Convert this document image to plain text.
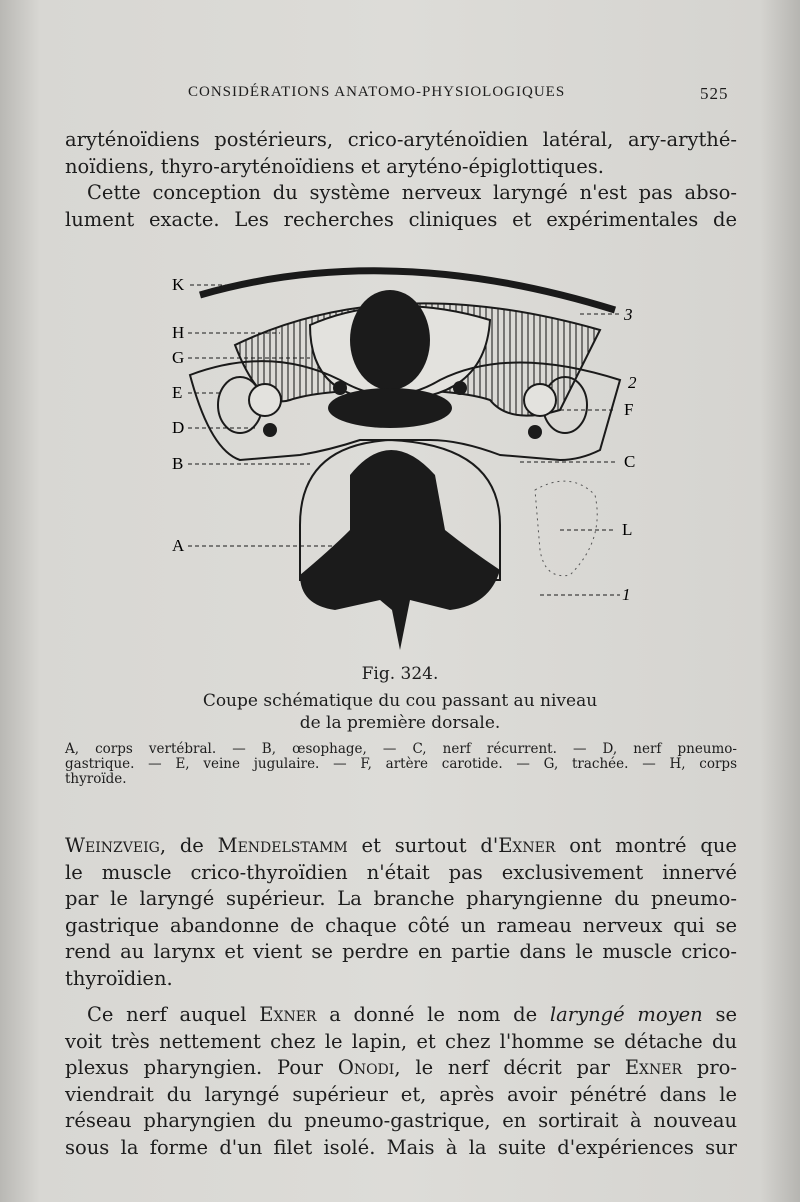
CONSIDÉRATIONS ANATOMO-PHYSIOLOGIQUES	525
aryténoïdiens postérieurs, crico-aryténoïdien latéral, ary-arythé-
noïdiens, thyro-aryténoïdiens et aryténo-épiglottiques.
Cette conception du système nerveux laryngé n'est pas abso-
lument exacte. Les recherches cliniques et expérimentales de
K
H
G
E
D
B
A
3
2
F
C
L
1
Fig. 324.
Coupe schématique du cou passant au niveau
de la première dorsale.
A, corps vertébral. — B, œsophage, — C, nerf récurrent. — D, nerf pneumo-
gastrique. — E, veine jugulaire. — F, artère carotide. — G, trachée. — H, corps
thyroïde.
Weinzveig, de Mendelstamm et surtout d'Exner ont montré que
le muscle crico-thyroïdien n'était pas exclusivement innervé
par le laryngé supérieur. La branche pharyngienne du pneumo-
gastrique abandonne de chaque côté un rameau nerveux qui se
rend au larynx et vient se perdre en partie dans le muscle crico-
thyroïdien.
Ce nerf auquel Exner a donné le nom de laryngé moyen se
voit très nettement chez le lapin, et chez l'homme se détache du
plexus pharyngien. Pour Onodi, le nerf décrit par Exner pro-
viendrait du laryngé supérieur et, après avoir pénétré dans le
réseau pharyngien du pneumo-gastrique, en sortirait à nouveau
sous la forme d'un filet isolé. Mais à la suite d'expériences sur
